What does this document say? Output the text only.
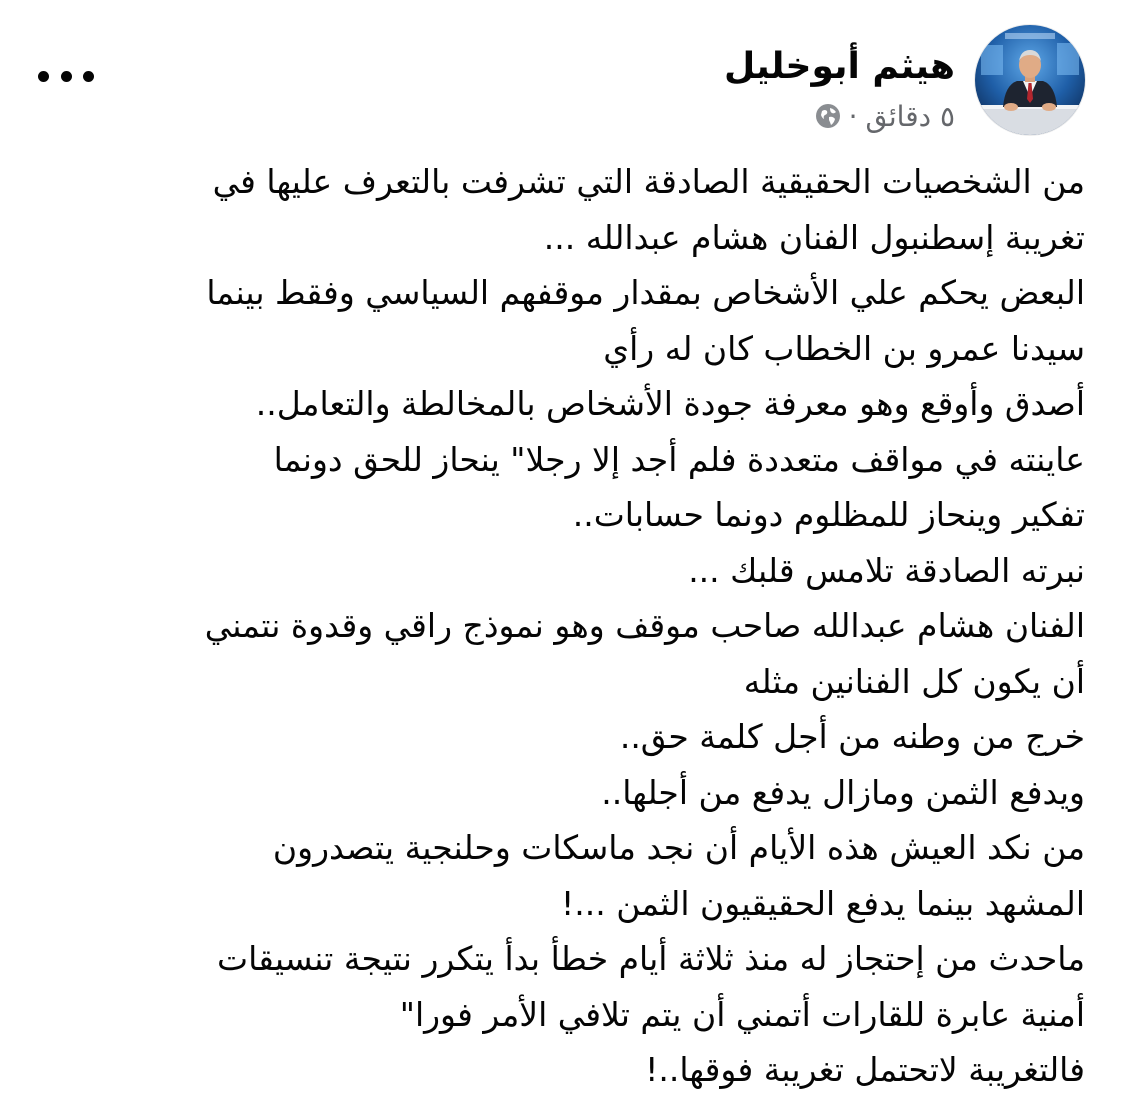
هيثم أبوخليل
٥ دقائق
·
من الشخصيات الحقيقية الصادقة التي تشرفت بالتعرف عليها في
تغريبة إسطنبول الفنان هشام عبدالله ...
البعض يحكم علي الأشخاص بمقدار موقفهم السياسي وفقط بينما
سيدنا عمرو بن الخطاب كان له رأي
أصدق وأوقع وهو معرفة جودة الأشخاص بالمخالطة والتعامل..
عاينته في مواقف متعددة فلم أجد إلا رجلا" ينحاز للحق دونما
تفكير وينحاز للمظلوم دونما حسابات..
نبرته الصادقة تلامس قلبك ...
الفنان هشام عبدالله صاحب موقف وهو نموذج راقي وقدوة نتمني
أن يكون كل الفنانين مثله
خرج من وطنه من أجل كلمة حق..
ويدفع الثمن ومازال يدفع من أجلها..
من نكد العيش هذه الأيام أن نجد ماسكات وحلنجية يتصدرون
المشهد بينما يدفع الحقيقيون الثمن ...!
ماحدث من إحتجاز له منذ ثلاثة أيام خطأ بدأ يتكرر نتيجة تنسيقات
أمنية عابرة للقارات أتمني أن يتم تلافي الأمر فورا"
فالتغريبة لاتحتمل تغريبة فوقها..!
